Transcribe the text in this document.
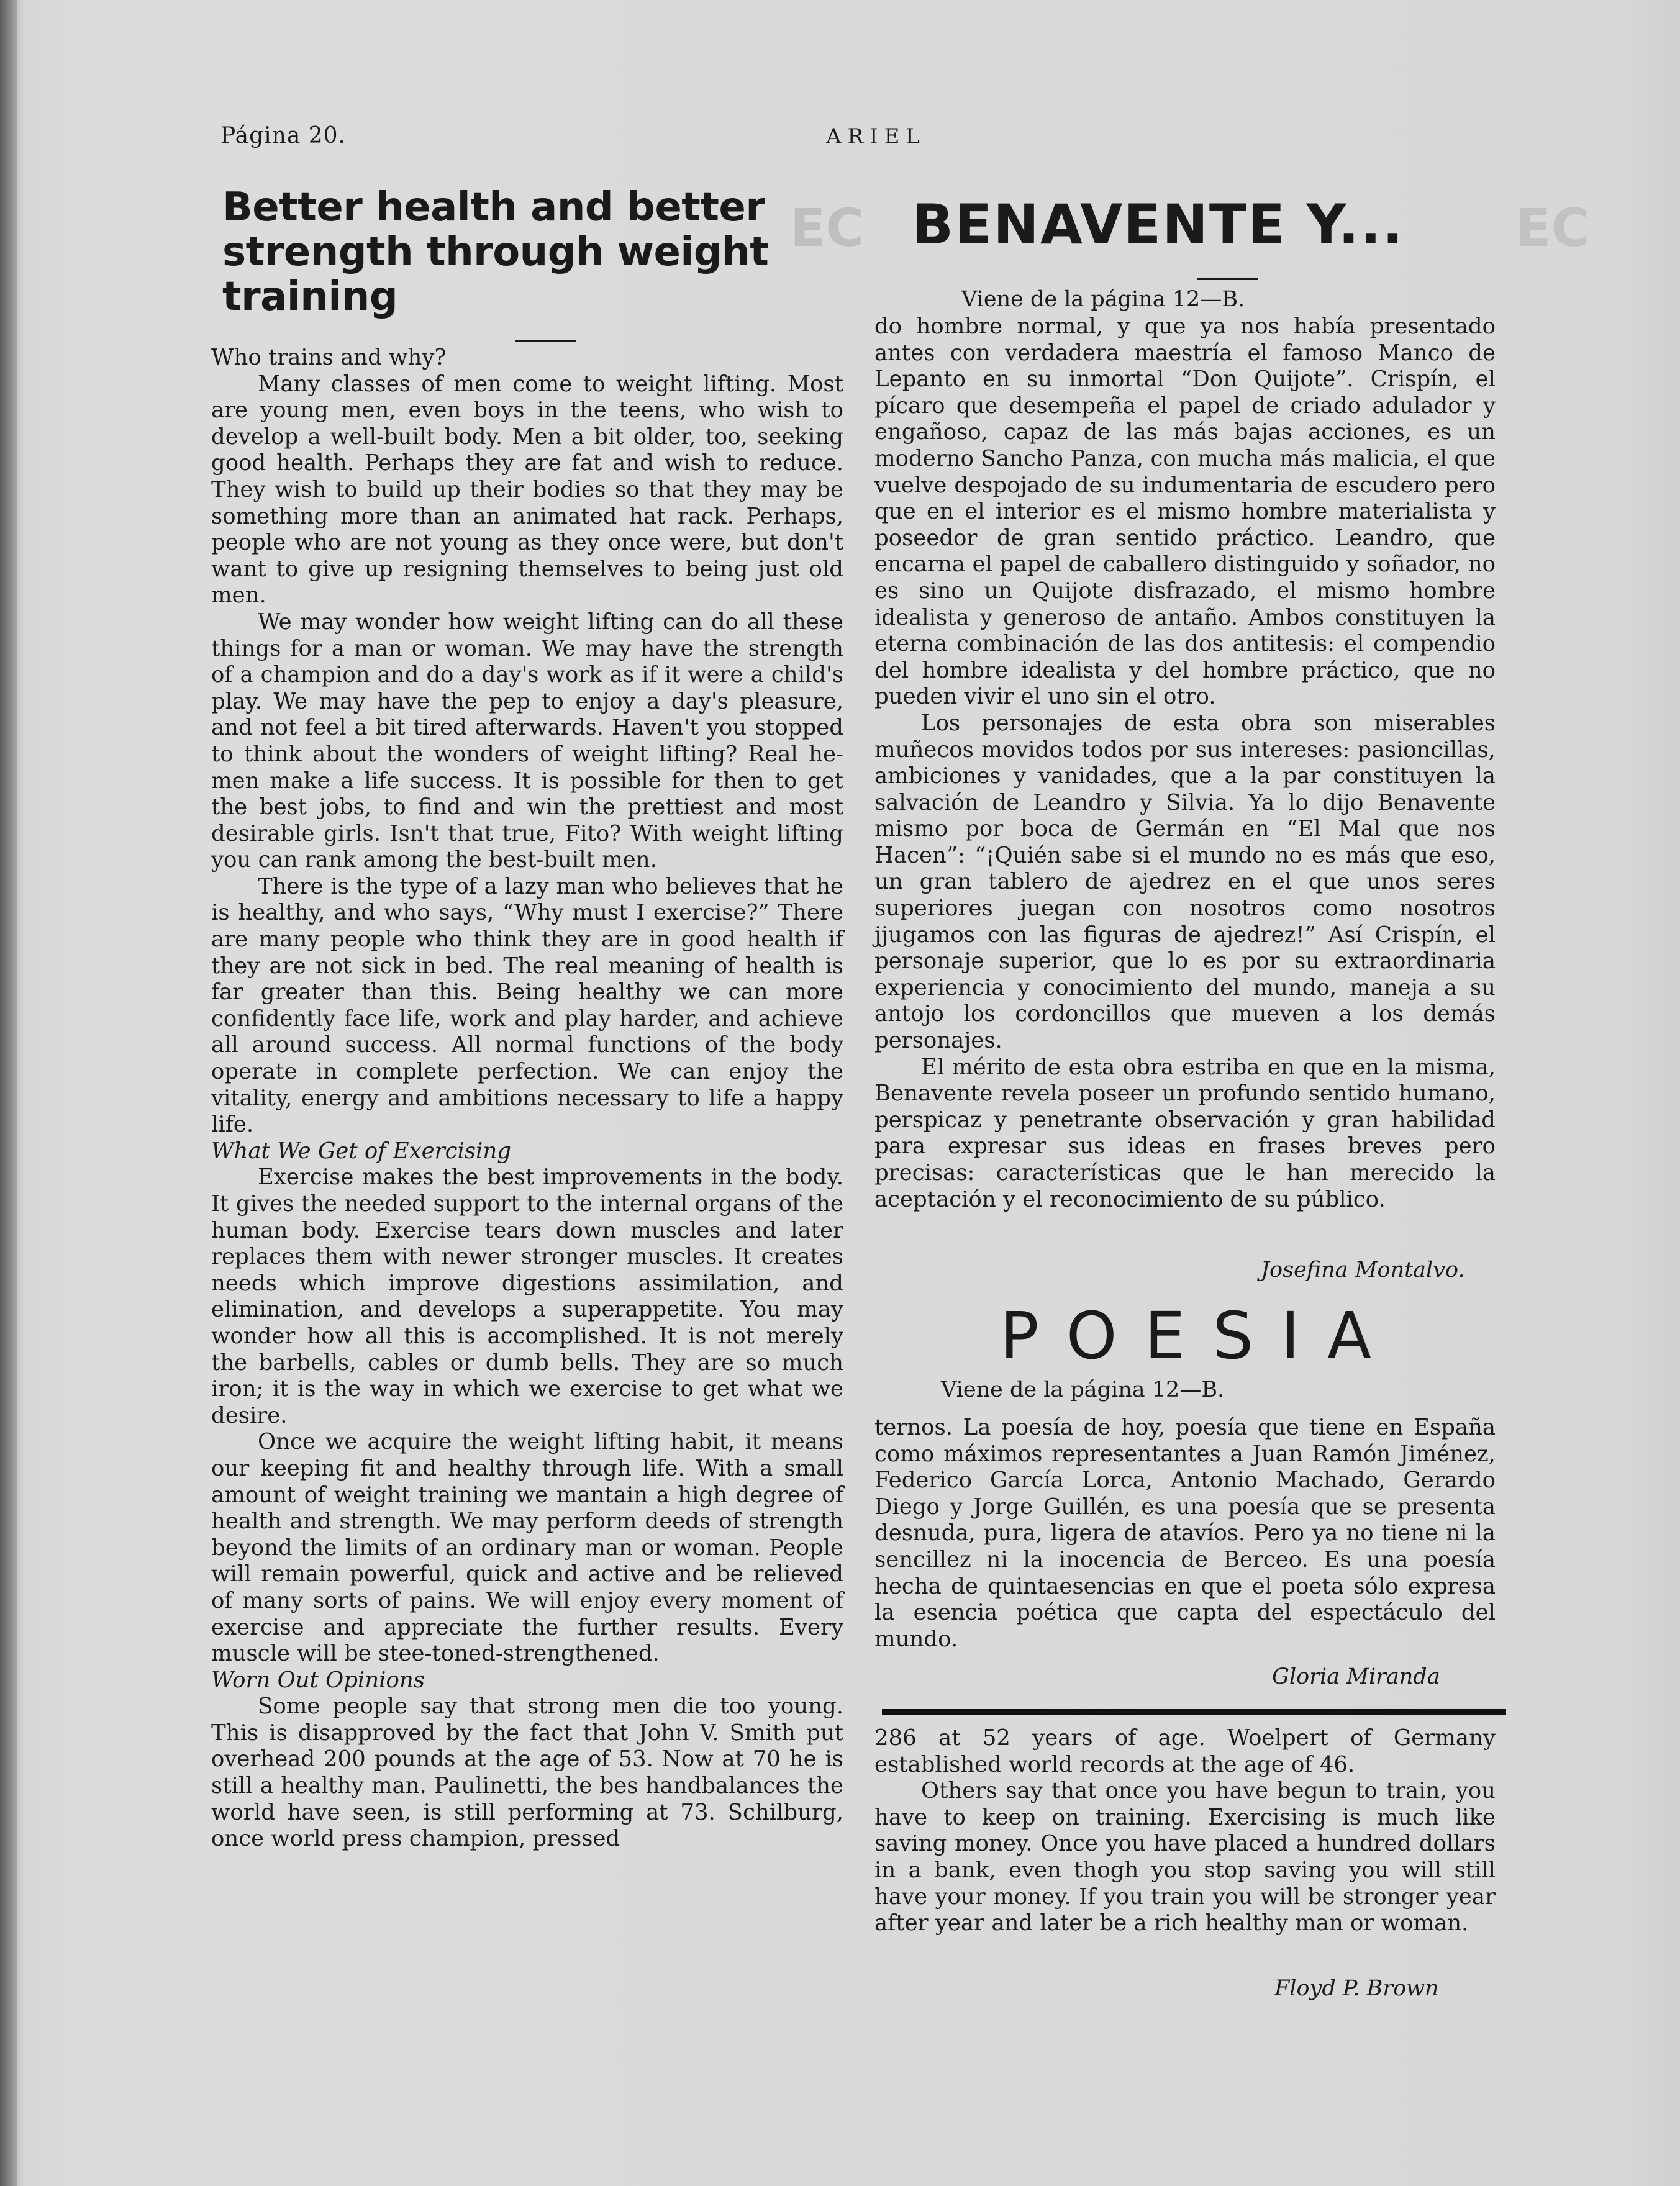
Página 20.	ARIEL
Better health and better strength through weight training

Who trains and why?

Many classes of men come to weight lifting. Most are young men, even boys in the teens, who wish to develop a well-built body. Men a bit older, too, seeking good health. Perhaps they are fat and wish to reduce. They wish to build up their bodies so that they may be something more than an animated hat rack. Perhaps, people who are not young as they once were, but don't want to give up resigning themselves to being just old men.

We may wonder how weight lifting can do all these things for a man or woman. We may have the strength of a champion and do a day's work as if it were a child's play. We may have the pep to enjoy a day's pleasure, and not feel a bit tired afterwards. Haven't you stopped to think about the wonders of weight lifting? Real he-men make a life success. It is possible for then to get the best jobs, to find and win the prettiest and most desirable girls. Isn't that true, Fito? With weight lifting you can rank among the best-built men.

There is the type of a lazy man who believes that he is healthy, and who says, “Why must I exercise?” There are many people who think they are in good health if they are not sick in bed. The real meaning of health is far greater than this. Being healthy we can more confidently face life, work and play harder, and achieve all around success. All normal functions of the body operate in complete perfection. We can enjoy the vitality, energy and ambitions necessary to life a happy life.

What We Get of Exercising

Exercise makes the best improvements in the body. It gives the needed support to the internal organs of the human body. Exercise tears down muscles and later replaces them with newer stronger muscles. It creates needs which improve digestions assimilation, and elimination, and develops a superappetite. You may wonder how all this is accomplished. It is not merely the barbells, cables or dumb bells. They are so much iron; it is the way in which we exercise to get what we desire.

Once we acquire the weight lifting habit, it means our keeping fit and healthy through life. With a small amount of weight training we mantain a high degree of health and strength. We may perform deeds of strength beyond the limits of an ordinary man or woman. People will remain powerful, quick and active and be relieved of many sorts of pains. We will enjoy every moment of exercise and appreciate the further results. Every muscle will be stee-toned-strengthened.

Worn Out Opinions

Some people say that strong men die too young. This is disapproved by the fact that John V. Smith put overhead 200 pounds at the age of 53. Now at 70 he is still a healthy man. Paulinetti, the bes handbalances the world have seen, is still performing at 73. Schilburg, once world press champion, pressed

EC	EC
BENAVENTE Y...
Viene de la página 12—B.

do hombre normal, y que ya nos había presentado antes con verdadera maestría el famoso Manco de Lepanto en su inmortal “Don Quijote”. Crispín, el pícaro que desempeña el papel de criado adulador y engañoso, capaz de las más bajas acciones, es un moderno Sancho Panza, con mucha más malicia, el que vuelve despojado de su indumentaria de escudero pero que en el interior es el mismo hombre materialista y poseedor de gran sentido práctico. Leandro, que encarna el papel de caballero distinguido y soñador, no es sino un Quijote disfrazado, el mismo hombre idealista y generoso de antaño. Ambos constituyen la eterna combinación de las dos antitesis: el compendio del hombre idealista y del hombre práctico, que no pueden vivir el uno sin el otro.

Los personajes de esta obra son miserables muñecos movidos todos por sus intereses: pasioncillas, ambiciones y vanidades, que a la par constituyen la salvación de Leandro y Silvia. Ya lo dijo Benavente mismo por boca de Germán en “El Mal que nos Hacen”: “¡Quién sabe si el mundo no es más que eso, un gran tablero de ajedrez en el que unos seres superiores juegan con nosotros como nosotros jjugamos con las figuras de ajedrez!” Así Crispín, el personaje superior, que lo es por su extraordinaria experiencia y conocimiento del mundo, maneja a su antojo los cordoncillos que mueven a los demás personajes.

El mérito de esta obra estriba en que en la misma, Benavente revela poseer un profundo sentido humano, perspicaz y penetrante observación y gran habilidad para expresar sus ideas en frases breves pero precisas: características que le han merecido la aceptación y el reconocimiento de su público.

Josefina Montalvo.
POESIA
Viene de la página 12—B.

ternos. La poesía de hoy, poesía que tiene en España como máximos representantes a Juan Ramón Jiménez, Federico García Lorca, Antonio Machado, Gerardo Diego y Jorge Guillén, es una poesía que se presenta desnuda, pura, ligera de atavíos. Pero ya no tiene ni la sencillez ni la inocencia de Berceo. Es una poesía hecha de quintaesencias en que el poeta sólo expresa la esencia poética que capta del espectáculo del mundo.

Gloria Miranda

286 at 52 years of age. Woelpert of Germany established world records at the age of 46.

Others say that once you have begun to train, you have to keep on training. Exercising is much like saving money. Once you have placed a hundred dollars in a bank, even thogh you stop saving you will still have your money. If you train you will be stronger year after year and later be a rich healthy man or woman.

Floyd P. Brown
